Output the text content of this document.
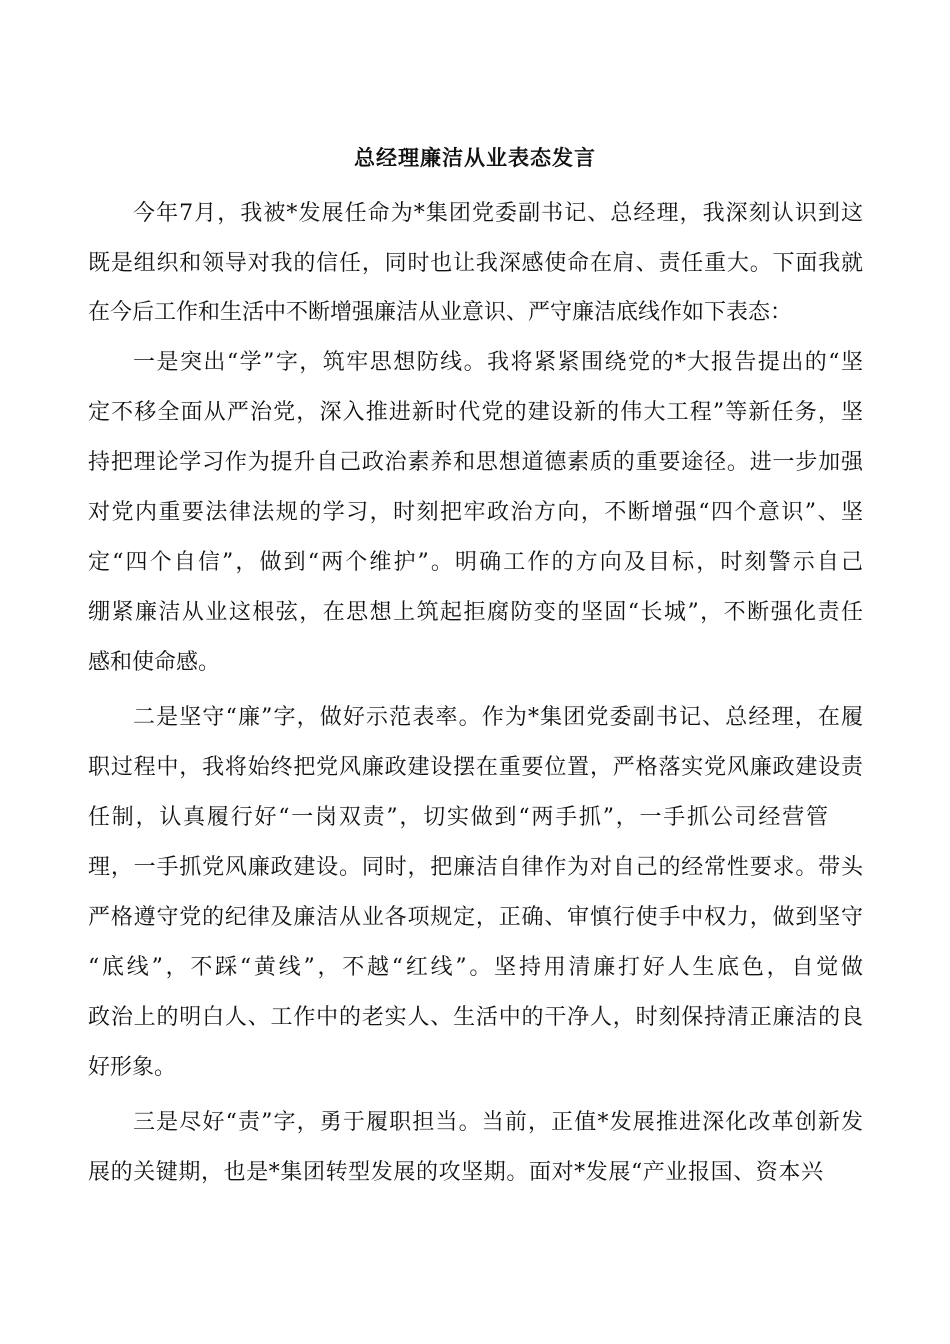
总经理廉洁从业表态发言

今年7月，我被*发展任命为*集团党委副书记、总经理，我深刻认识到这

既是组织和领导对我的信任，同时也让我深感使命在肩、责任重大。下面我就

在今后工作和生活中不断增强廉洁从业意识、严守廉洁底线作如下表态：

一是突出“学”字，筑牢思想防线。我将紧紧围绕党的*大报告提出的“坚

定不移全面从严治党，深入推进新时代党的建设新的伟大工程”等新任务，坚

持把理论学习作为提升自己政治素养和思想道德素质的重要途径。进一步加强

对党内重要法律法规的学习，时刻把牢政治方向，不断增强“四个意识”、坚

定“四个自信”，做到“两个维护”。明确工作的方向及目标，时刻警示自己

绷紧廉洁从业这根弦，在思想上筑起拒腐防变的坚固“长城”，不断强化责任

感和使命感。

二是坚守“廉”字，做好示范表率。作为*集团党委副书记、总经理，在履

职过程中，我将始终把党风廉政建设摆在重要位置，严格落实党风廉政建设责

任制，认真履行好“一岗双责”，切实做到“两手抓”，一手抓公司经营管

理，一手抓党风廉政建设。同时，把廉洁自律作为对自己的经常性要求。带头

严格遵守党的纪律及廉洁从业各项规定，正确、审慎行使手中权力，做到坚守

“底线”，不踩“黄线”，不越“红线”。坚持用清廉打好人生底色，自觉做

政治上的明白人、工作中的老实人、生活中的干净人，时刻保持清正廉洁的良

好形象。

三是尽好“责”字，勇于履职担当。当前，正值*发展推进深化改革创新发

展的关键期，也是*集团转型发展的攻坚期。面对*发展“产业报国、资本兴
